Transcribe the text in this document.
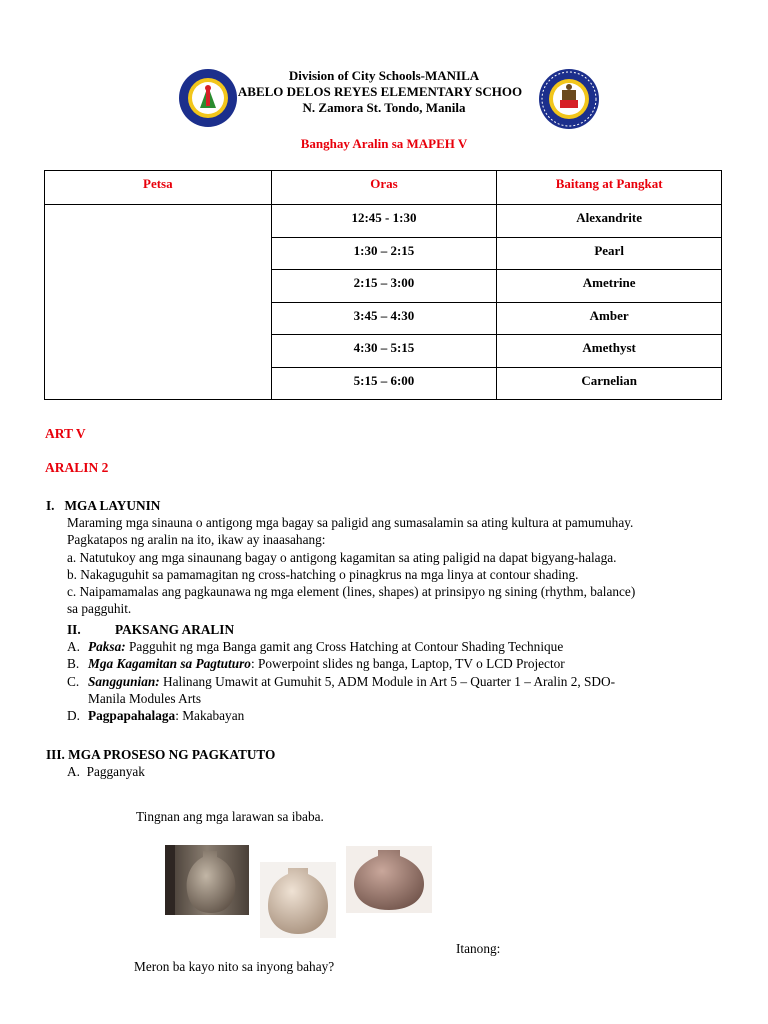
Division of City Schools-MANILA
ABELO DELOS REYES ELEMENTARY SCHOO
N. Zamora St. Tondo, Manila
Banghay Aralin sa MAPEH V
Petsa	Oras	Baitang at Pangkat
	12:45 - 1:30	Alexandrite
	1:30 – 2:15	Pearl
	2:15 – 3:00	Ametrine
	3:45 – 4:30	Amber
	4:30 – 5:15	Amethyst
	5:15 – 6:00	Carnelian
ART V
ARALIN 2
I.   MGA LAYUNIN
Maraming mga sinauna o antigong mga bagay sa paligid ang sumasalamin sa ating kultura at pamumuhay.
Pagkatapos ng aralin na ito, ikaw ay inaasahang:
a. Natutukoy ang mga sinaunang bagay o antigong kagamitan sa ating paligid na dapat bigyang-halaga.
b. Nakaguguhit sa pamamagitan ng cross-hatching o pinagkrus na mga linya at contour shading.
c. Naipamamalas ang pagkaunawa ng mga element (lines, shapes) at prinsipyo ng sining (rhythm, balance)
sa pagguhit.
II.	PAKSANG ARALIN
A. Paksa: Pagguhit ng mga Banga gamit ang Cross Hatching at Contour Shading Technique
B. Mga Kagamitan sa Pagtuturo: Powerpoint slides ng banga, Laptop, TV o LCD Projector
C. Sanggunian: Halinang Umawit at Gumuhit 5, ADM Module in Art 5 – Quarter 1 – Aralin 2, SDO-
Manila Modules Arts
D. Pagpapahalaga: Makabayan
III. MGA PROSESO NG PAGKATUTO
A.  Pagganyak
Tingnan ang mga larawan sa ibaba.
Itanong:
Meron ba kayo nito sa inyong bahay?
